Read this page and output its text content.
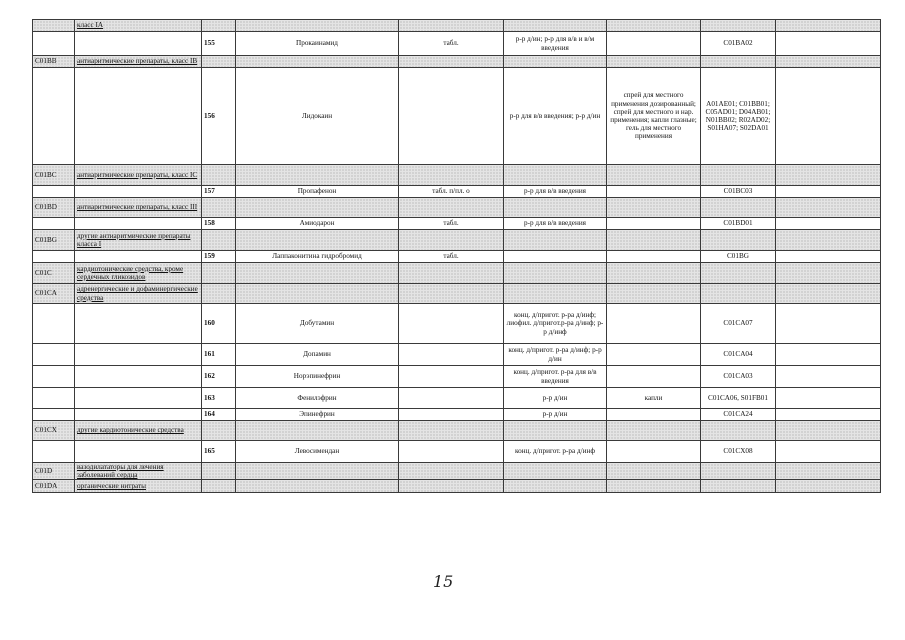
	класс IA							
		155	Прокаинамид	табл.	р-р д/ин; р-р для в/в и в/м введения		C01BA02	
C01BB	антиаритмические препараты, класс IB							
		156	Лидокаин		р-р для в/в введения; р-р д/ин	спрей для местного применения дозированный; спрей для местного и нар. применения; капли глазные; гель для местного применения	A01AE01; C01BB01; C05AD01; D04AB01; N01BB02; R02AD02; S01HA07; S02DA01	
C01BC	антиаритмические препараты, класс IC							
		157	Пропафенон	табл. п/пл. о	р-р для в/в введения		C01BC03	
C01BD	антиаритмические препараты, класс III							
		158	Амиодарон	табл.	р-р для в/в введения		C01BD01	
C01BG	другие антиаритмические препараты класса I							
		159	Лаппаконитина гидробромид	табл.			C01BG	
C01C	кардиотонические средства, кроме сердечных гликозидов							
C01CA	адренергические и дофаминергические средства							
		160	Добутамин		конц. д/пригот. р-ра д/инф; лиофил. д/пригот.р-ра д/инф; р-р д/инф		C01CA07	
		161	Допамин		конц. д/пригот. р-ра д/инф; р-р д/ин		C01CA04	
		162	Норэпинефрин		конц. д/пригот. р-ра для в/в введения		C01CA03	
		163	Фенилэфрин		р-р д/ин	капли	C01CA06, S01FB01	
		164	Эпинефрин		р-р д/ин		C01CA24	
C01CX	другие кардиотонические средства							
		165	Левосимендан		конц. д/пригот. р-ра д/инф		C01CX08	
C01D	вазодилататоры для лечения заболеваний сердца							
C01DA	органические нитраты							
15
